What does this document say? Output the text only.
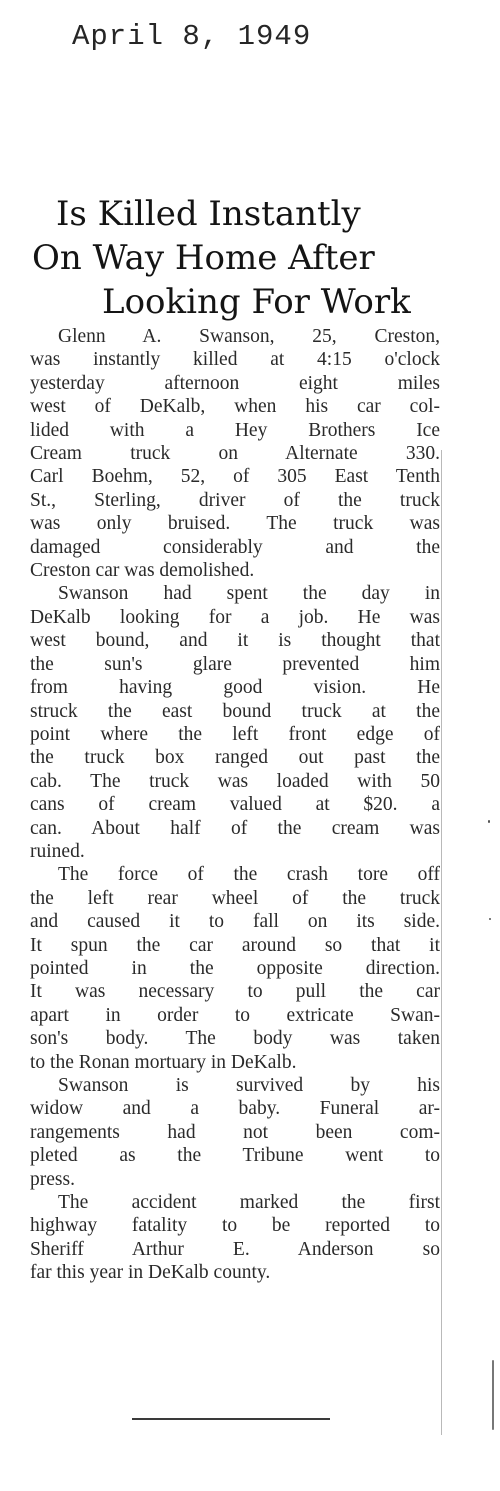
April 8, 1949
Is Killed Instantly
On Way Home After
Looking For Work

Glenn A. Swanson, 25, Creston,

was instantly killed at 4:15 o'clock

yesterday afternoon eight miles

west of DeKalb, when his car col-

lided with a Hey Brothers Ice

Cream truck on Alternate 330.

Carl Boehm, 52, of 305 East Tenth

St., Sterling, driver of the truck

was only bruised. The truck was

damaged considerably and the

Creston car was demolished.

Swanson had spent the day in

DeKalb looking for a job. He was

west bound, and it is thought that

the sun's glare prevented him

from having good vision. He

struck the east bound truck at the

point where the left front edge of

the truck box ranged out past the

cab. The truck was loaded with 50

cans of cream valued at $20. a

can. About half of the cream was

ruined.

The force of the crash tore off

the left rear wheel of the truck

and caused it to fall on its side.

It spun the car around so that it

pointed in the opposite direction.

It was necessary to pull the car

apart in order to extricate Swan-

son's body. The body was taken

to the Ronan mortuary in DeKalb.

Swanson is survived by his

widow and a baby. Funeral ar-

rangements had not been com-

pleted as the Tribune went to

press.

The accident marked the first

highway fatality to be reported to

Sheriff Arthur E. Anderson so

far this year in DeKalb county.
